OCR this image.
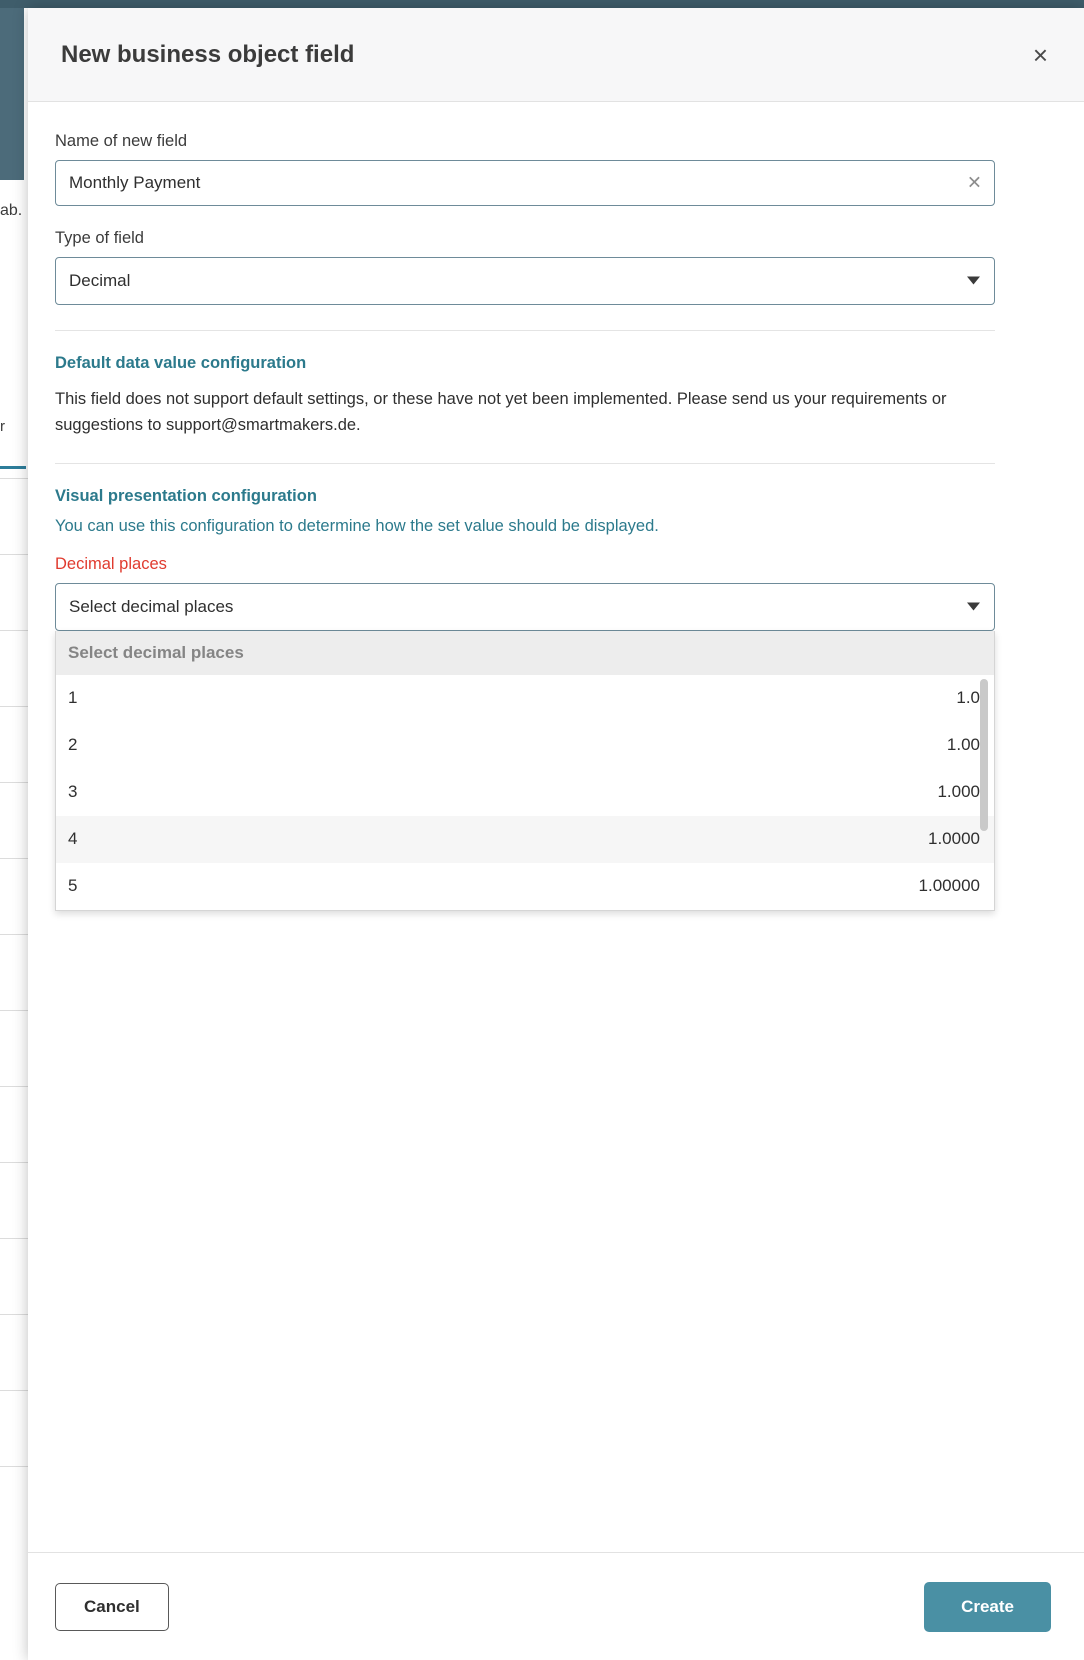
ab.
r
New business object field	×
Name of new field
Monthly Payment
✕
Type of field
Decimal
Default data value configuration
This field does not support default settings, or these have not yet been implemented. Please send us your requirements or suggestions to support@smartmakers.de.
Visual presentation configuration
You can use this configuration to determine how the set value should be displayed.
Decimal places
Select decimal places
Select decimal places
1	1.0
2	1.00
3	1.000
4	1.0000
5	1.00000
Cancel	Create
